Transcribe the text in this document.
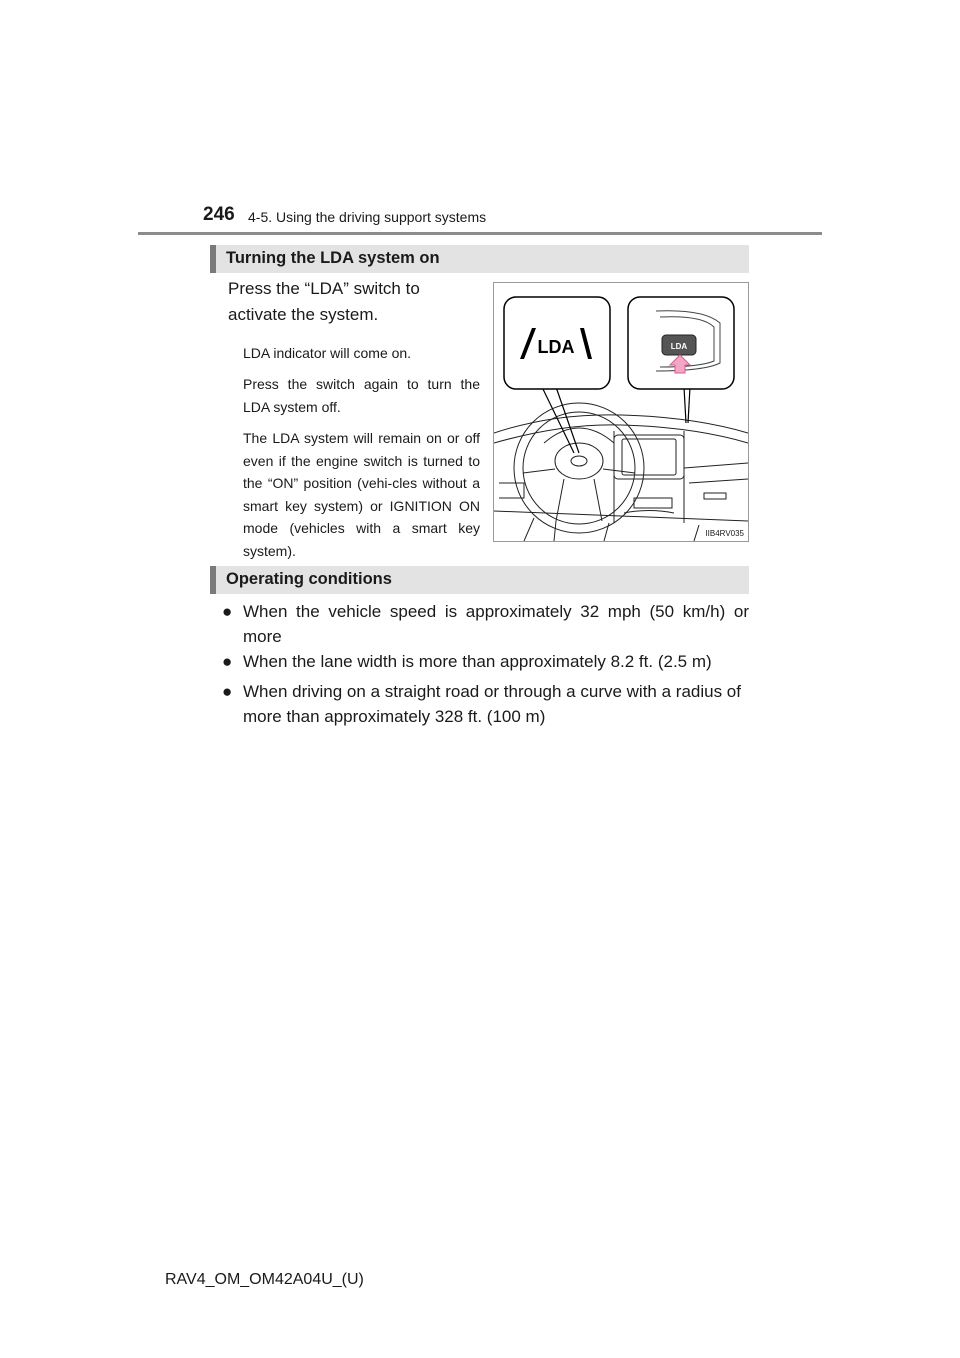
246 4-5. Using the driving support systems
Turning the LDA system on
Press the “LDA” switch to activate the system.
LDA indicator will come on.
Press the switch again to turn the LDA system off.
The LDA system will remain on or off even if the engine switch is turned to the “ON” position (vehi-cles without a smart key system) or IGNITION ON mode (vehicles with a smart key system).
LDA	LDA
IIB4RV035
Operating conditions
● When the vehicle speed is approximately 32 mph (50 km/h) or more
● When the lane width is more than approximately 8.2 ft. (2.5 m)
● When driving on a straight road or through a curve with a radius of more than approximately 328 ft. (100 m)
RAV4_OM_OM42A04U_(U)
